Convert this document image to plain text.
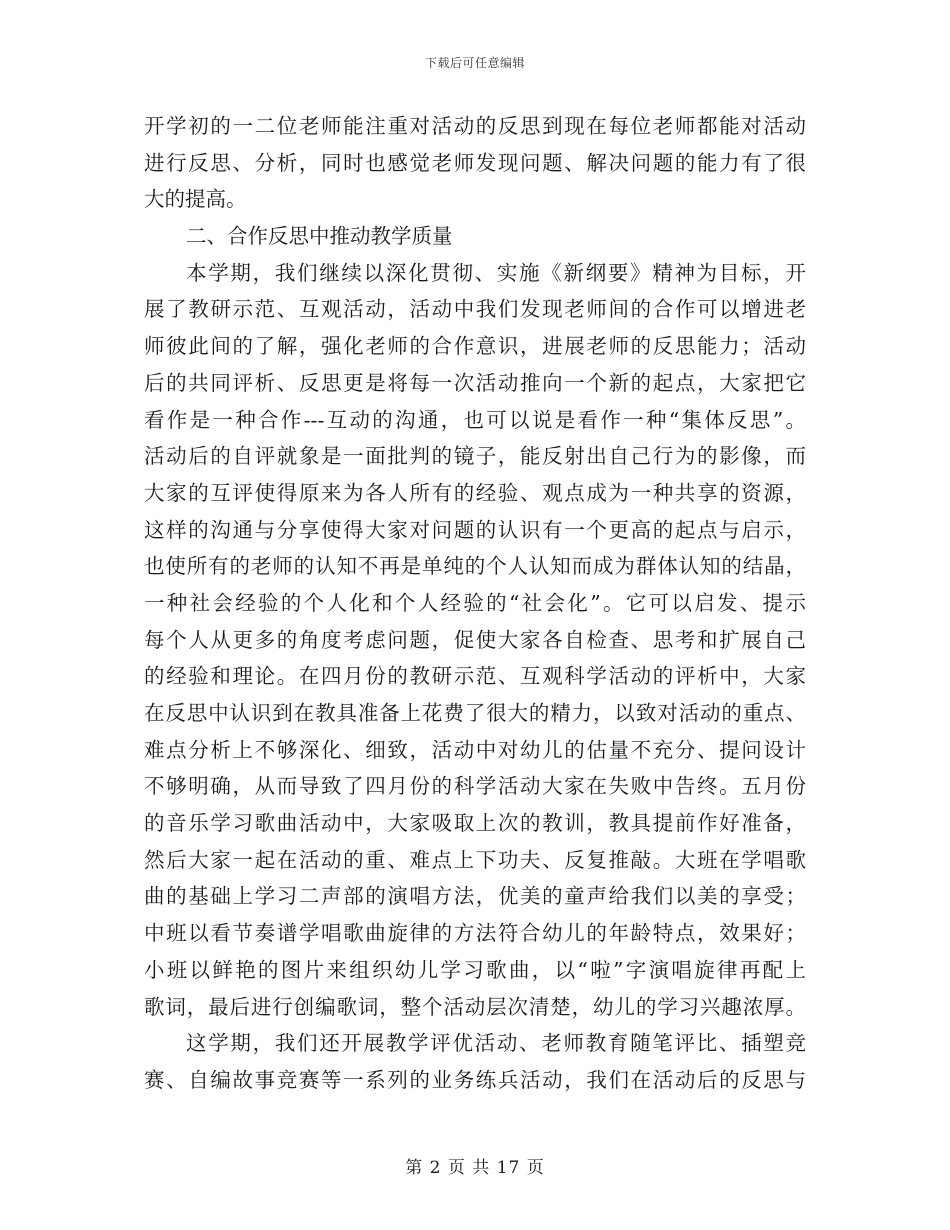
下载后可任意编辑
开学初的一二位老师能注重对活动的反思到现在每位老师都能对活动
进行反思、分析，同时也感觉老师发现问题、解决问题的能力有了很
大的提高。
二、合作反思中推动教学质量
本学期，我们继续以深化贯彻、实施《新纲要》精神为目标，开
展了教研示范、互观活动，活动中我们发现老师间的合作可以增进老
师彼此间的了解，强化老师的合作意识，进展老师的反思能力；活动
后的共同评析、反思更是将每一次活动推向一个新的起点，大家把它
看作是一种合作---互动的沟通，也可以说是看作一种“集体反思”。
活动后的自评就象是一面批判的镜子，能反射出自己行为的影像，而
大家的互评使得原来为各人所有的经验、观点成为一种共享的资源，
这样的沟通与分享使得大家对问题的认识有一个更高的起点与启示，
也使所有的老师的认知不再是单纯的个人认知而成为群体认知的结晶，
一种社会经验的个人化和个人经验的“社会化”。它可以启发、提示
每个人从更多的角度考虑问题，促使大家各自检查、思考和扩展自己
的经验和理论。在四月份的教研示范、互观科学活动的评析中，大家
在反思中认识到在教具准备上花费了很大的精力，以致对活动的重点、
难点分析上不够深化、细致，活动中对幼儿的估量不充分、提问设计
不够明确，从而导致了四月份的科学活动大家在失败中告终。五月份
的音乐学习歌曲活动中，大家吸取上次的教训，教具提前作好准备，
然后大家一起在活动的重、难点上下功夫、反复推敲。大班在学唱歌
曲的基础上学习二声部的演唱方法，优美的童声给我们以美的享受；
中班以看节奏谱学唱歌曲旋律的方法符合幼儿的年龄特点，效果好；
小班以鲜艳的图片来组织幼儿学习歌曲，以“啦”字演唱旋律再配上
歌词，最后进行创编歌词，整个活动层次清楚，幼儿的学习兴趣浓厚。
这学期，我们还开展教学评优活动、老师教育随笔评比、插塑竞
赛、自编故事竞赛等一系列的业务练兵活动，我们在活动后的反思与
第 2 页 共 17 页
